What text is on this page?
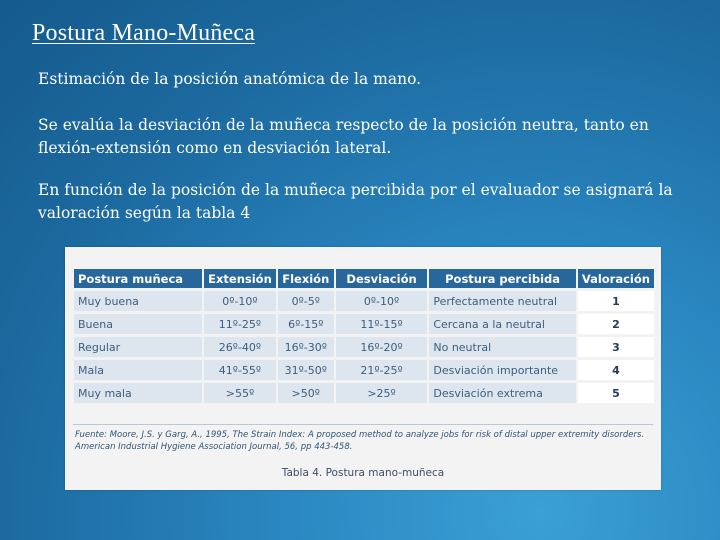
Postura Mano-Muñeca
Estimación de la posición anatómica de la mano.
Se evalúa la desviación de la muñeca respecto de la posición neutra, tanto en flexión-extensión como en desviación lateral.
En función de la posición de la muñeca percibida por el evaluador se asignará la valoración según la tabla 4
Postura muñeca	Extensión	Flexión	Desviación	Postura percibida	Valoración
Muy buena	0º-10º	0º-5º	0º-10º	Perfectamente neutral	1
Buena	11º-25º	6º-15º	11º-15º	Cercana a la neutral	2
Regular	26º-40º	16º-30º	16º-20º	No neutral	3
Mala	41º-55º	31º-50º	21º-25º	Desviación importante	4
Muy mala	>55º	>50º	>25º	Desviación extrema	5
Fuente: Moore, J.S. y Garg, A., 1995, The Strain Index: A proposed method to analyze jobs for risk of distal upper extremity disorders. American Industrial Hygiene Association Journal, 56, pp 443-458.
Tabla 4. Postura mano-muñeca
